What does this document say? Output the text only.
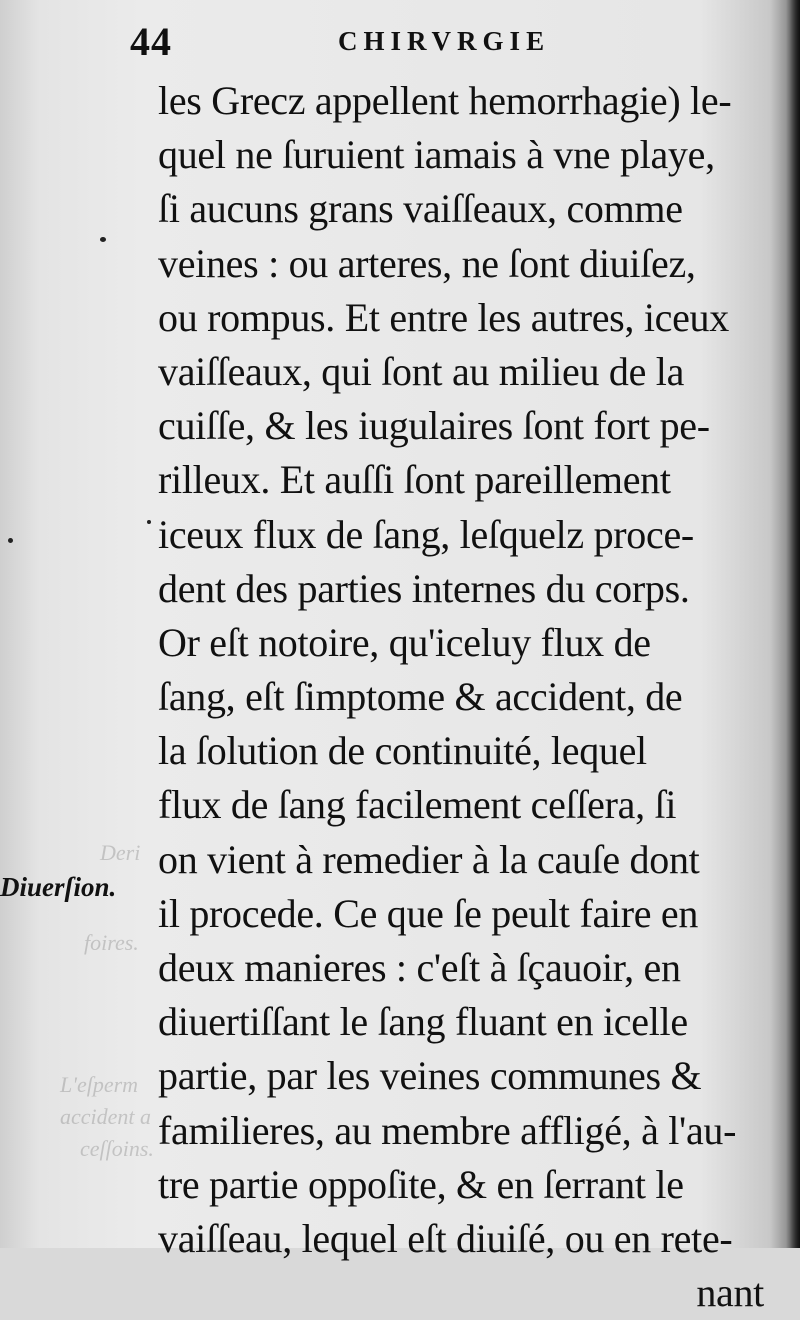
Deri
foires.
L'eſperm
accident a
ceſſoins.
44	CHIRVRGIE
Diuerſion.
les Grecz appellent hemorrhagie) le-
quel ne ſuruient iamais à vne playe,
ſi aucuns grans vaiſſeaux, comme
veines : ou arteres, ne ſont diuiſez,
ou rompus. Et entre les autres, iceux
vaiſſeaux, qui ſont au milieu de la
cuiſſe, & les iugulaires ſont fort pe-
rilleux. Et auſſi ſont pareillement
iceux flux de ſang, leſquelz proce-
dent des parties internes du corps.
Or eſt notoire, qu'iceluy flux de
ſang, eſt ſimptome & accident, de
la ſolution de continuité, lequel
flux de ſang facilement ceſſera, ſi
on vient à remedier à la cauſe dont
il procede. Ce que ſe peult faire en
deux manieres : c'eſt à ſçauoir, en
diuertiſſant le ſang fluant en icelle
partie, par les veines communes &
familieres, au membre affligé, à l'au-
tre partie oppoſite, & en ſerrant le
vaiſſeau, lequel eſt diuiſé, ou en rete-
nant
